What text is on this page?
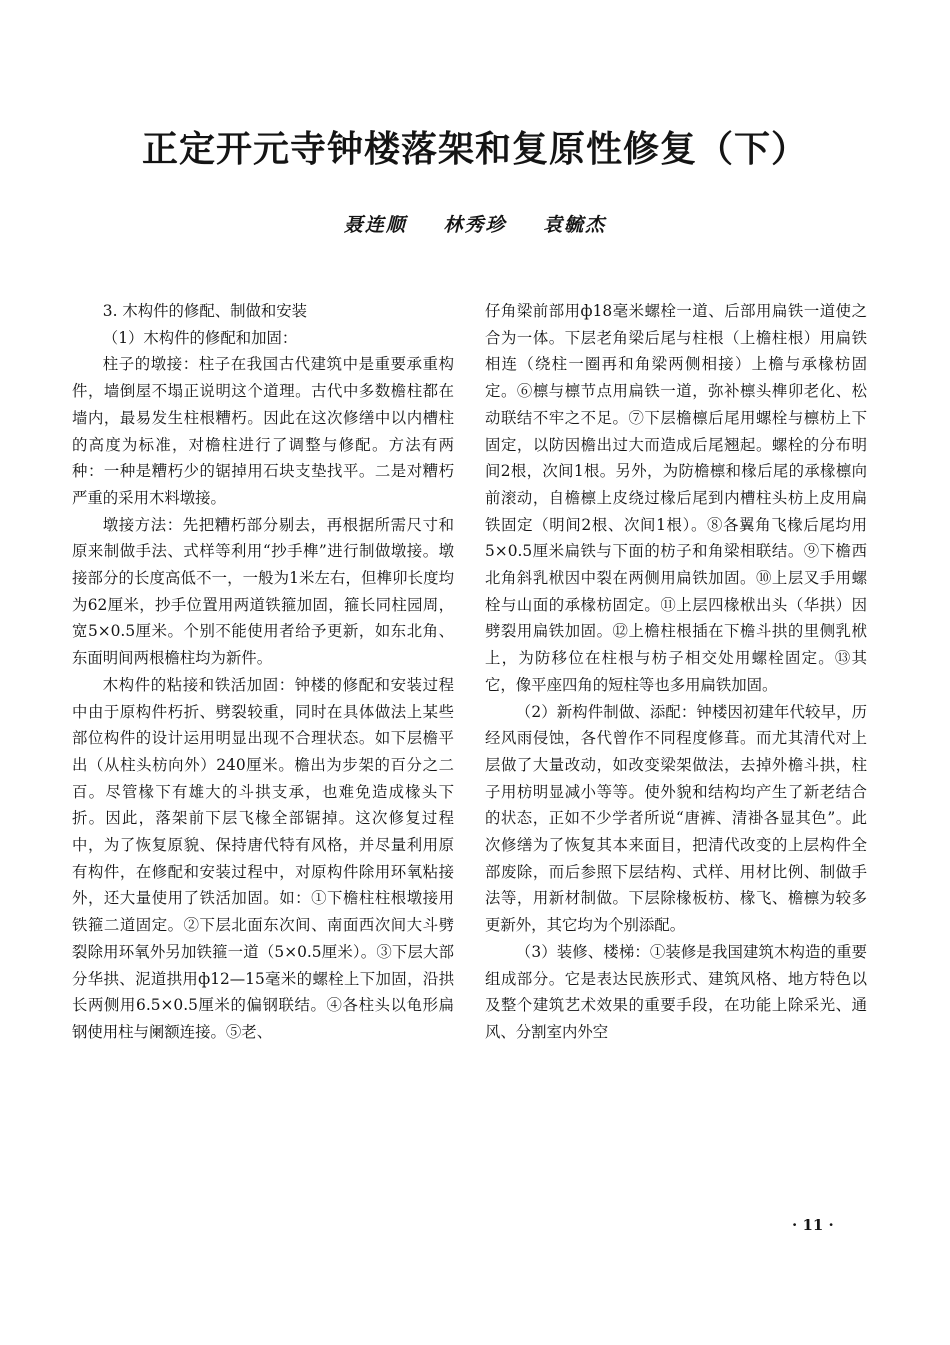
正定开元寺钟楼落架和复原性修复（下）
聂连顺 林秀珍 袁毓杰

3. 木构件的修配、制做和安装

（1）木构件的修配和加固：

柱子的墩接：柱子在我国古代建筑中是重要承重构件，墙倒屋不塌正说明这个道理。古代中多数檐柱都在墙内，最易发生柱根糟朽。因此在这次修缮中以内槽柱的高度为标准，对檐柱进行了调整与修配。方法有两种：一种是糟朽少的锯掉用石块支垫找平。二是对糟朽严重的采用木料墩接。

墩接方法：先把糟朽部分剔去，再根据所需尺寸和原来制做手法、式样等利用“抄手榫”进行制做墩接。墩接部分的长度高低不一，一般为1米左右，但榫卯长度均为62厘米，抄手位置用两道铁箍加固，箍长同柱园周，宽5×0.5厘米。个别不能使用者给予更新，如东北角、东面明间两根檐柱均为新件。

木构件的粘接和铁活加固：钟楼的修配和安装过程中由于原构件朽折、劈裂较重，同时在具体做法上某些部位构件的设计运用明显出现不合理状态。如下层檐平出（从柱头枋向外）240厘米。檐出为步架的百分之二百。尽管椽下有雄大的斗拱支承，也难免造成椽头下折。因此，落架前下层飞椽全部锯掉。这次修复过程中，为了恢复原貌、保持唐代特有风格，并尽量利用原有构件，在修配和安装过程中，对原构件除用环氧粘接外，还大量使用了铁活加固。如：①下檐柱柱根墩接用铁箍二道固定。②下层北面东次间、南面西次间大斗劈裂除用环氧外另加铁箍一道（5×0.5厘米）。③下层大部分华拱、泥道拱用ф12—15毫米的螺栓上下加固，沿拱长两侧用6.5×0.5厘米的偏钢联结。④各柱头以龟形扁钢使用柱与阑额连接。⑤老、

仔角梁前部用ф18毫米螺栓一道、后部用扁铁一道使之合为一体。下层老角梁后尾与柱根（上檐柱根）用扁铁相连（绕柱一圈再和角梁两侧相接）上檐与承椽枋固定。⑥檩与檩节点用扁铁一道，弥补檩头榫卯老化、松动联结不牢之不足。⑦下层檐檩后尾用螺栓与檩枋上下固定，以防因檐出过大而造成后尾翘起。螺栓的分布明间2根，次间1根。另外，为防檐檩和椽后尾的承椽檩向前滚动，自檐檩上皮绕过椽后尾到内槽柱头枋上皮用扁铁固定（明间2根、次间1根）。⑧各翼角飞椽后尾均用5×0.5厘米扁铁与下面的枋子和角梁相联结。⑨下檐西北角斜乳栿因中裂在两侧用扁铁加固。⑩上层叉手用螺栓与山面的承椽枋固定。⑪上层四椽栿出头（华拱）因劈裂用扁铁加固。⑫上檐柱根插在下檐斗拱的里侧乳栿上，为防移位在柱根与枋子相交处用螺栓固定。⑬其它，像平座四角的短柱等也多用扁铁加固。

（2）新构件制做、添配：钟楼因初建年代较早，历经风雨侵蚀，各代曾作不同程度修葺。而尤其清代对上层做了大量改动，如改变梁架做法，去掉外檐斗拱，柱子用枋明显减小等等。使外貌和结构均产生了新老结合的状态，正如不少学者所说“唐裤、清褂各显其色”。此次修缮为了恢复其本来面目，把清代改变的上层构件全部废除，而后参照下层结构、式样、用材比例、制做手法等，用新材制做。下层除椽板枋、椽飞、檐檩为较多更新外，其它均为个别添配。

（3）装修、楼梯：①装修是我国建筑木构造的重要组成部分。它是表达民族形式、建筑风格、地方特色以及整个建筑艺术效果的重要手段，在功能上除采光、通风、分割室内外空

· 11 ·
